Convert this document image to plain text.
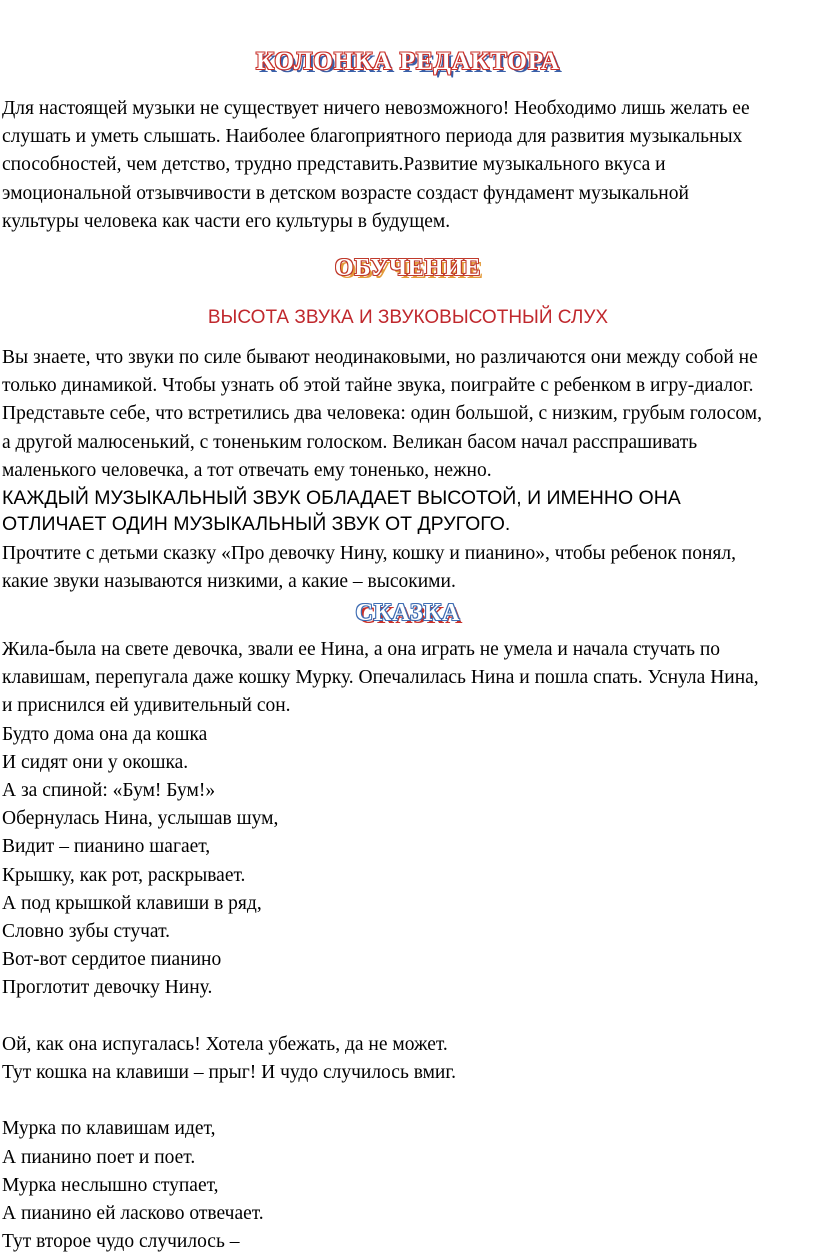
КОЛОНКА РЕДАКТОРА
Для настоящей музыки не существует ничего невозможного! Необходимо лишь желать ее
слушать и уметь слышать. Наиболее благоприятного периода для развития музыкальных
способностей, чем детство, трудно представить.Развитие музыкального вкуса и
эмоциональной отзывчивости в детском возрасте создаст фундамент музыкальной
культуры человека как части его культуры в будущем.
ОБУЧЕНИЕ
ВЫСОТА ЗВУКА И ЗВУКОВЫСОТНЫЙ СЛУХ
Вы знаете, что звуки по силе бывают неодинаковыми, но различаются они между собой не
только динамикой. Чтобы узнать об этой тайне звука, поиграйте с ребенком в игру-диалог.
Представьте себе, что встретились два человека: один большой, с низким, грубым голосом,
а другой малюсенький, с тоненьким голоском. Великан басом начал расспрашивать
маленького человечка, а тот отвечать ему тоненько, нежно.
КАЖДЫЙ МУЗЫКАЛЬНЫЙ ЗВУК ОБЛАДАЕТ ВЫСОТОЙ, И ИМЕННО ОНА
ОТЛИЧАЕТ ОДИН МУЗЫКАЛЬНЫЙ ЗВУК ОТ ДРУГОГО.
Прочтите с детьми сказку «Про девочку Нину, кошку и пианино», чтобы ребенок понял,
какие звуки называются низкими, а какие – высокими.
СКАЗКА
Жила-была на свете девочка, звали ее Нина, а она играть не умела и начала стучать по
клавишам, перепугала даже кошку Мурку. Опечалилась Нина и пошла спать. Уснула Нина,
и приснился ей удивительный сон.
Будто дома она да кошка
И сидят они у окошка.
А за спиной: «Бум! Бум!»
Обернулась Нина, услышав шум,
Видит – пианино шагает,
Крышку, как рот, раскрывает.
А под крышкой клавиши в ряд,
Словно зубы стучат.
Вот-вот сердитое пианино
Проглотит девочку Нину.

Ой, как она испугалась! Хотела убежать, да не может.
Тут кошка на клавиши – прыг! И чудо случилось вмиг.

Мурка по клавишам идет,
А пианино поет и поет.
Мурка неслышно ступает,
А пианино ей ласково отвечает.
Тут второе чудо случилось –
